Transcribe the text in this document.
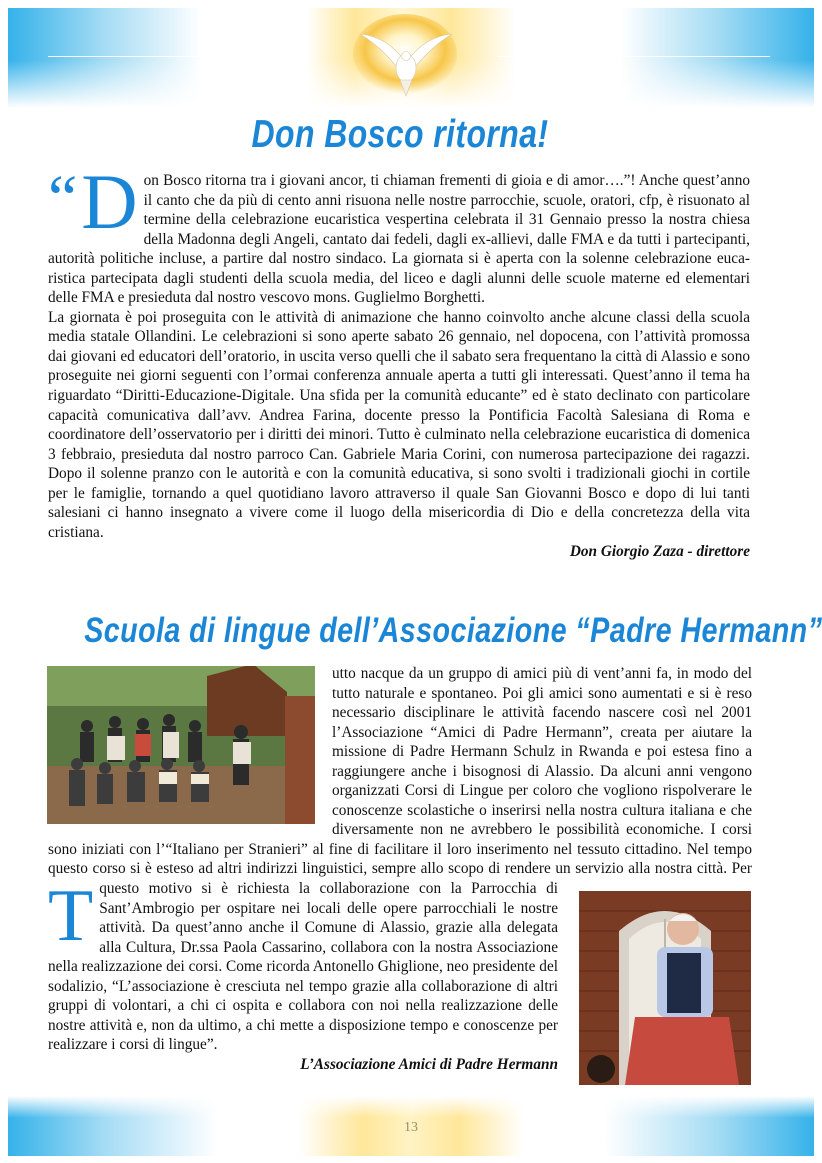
Don Bosco ritorna!

“ D on Bosco ritorna tra i giovani ancor, ti chiaman frementi di gioia e di amor….”! Anche quest’anno il canto che da più di cento anni risuona nelle nostre parrocchie, scuole, oratori, cfp, è risuonato al termine della celebrazione eucaristica vespertina celebrata il 31 Gennaio presso la nostra chiesa della Madonna degli Angeli, cantato dai fedeli, dagli ex-allievi, dalle FMA e da tutti i partecipanti, autorità politiche incluse, a partire dal nostro sindaco. La giornata si è aperta con la solenne celebrazione eucaristica partecipata dagli studenti della scuola media, del liceo e dagli alunni delle scuole materne ed elementari delle FMA e presieduta dal nostro vescovo mons. Guglielmo Borghetti.

La giornata è poi proseguita con le attività di animazione che hanno coinvolto anche alcune classi della scuola media statale Ollandini. Le celebrazioni si sono aperte sabato 26 gennaio, nel dopocena, con l’attività promossa dai giovani ed educatori dell’oratorio, in uscita verso quelli che il sabato sera frequentano la città di Alassio e sono proseguite nei giorni seguenti con l’ormai conferenza annuale aperta a tutti gli interessati. Quest’anno il tema ha riguardato “Diritti-Educazione-Digitale. Una sfida per la comunità educante” ed è stato declinato con particolare capacità comunicativa dall’avv. Andrea Farina, docente presso la Pontificia Facoltà Salesiana di Roma e coordinatore dell’osservatorio per i diritti dei minori. Tutto è culminato nella celebrazione eucaristica di domenica 3 febbraio, presieduta dal nostro parroco Can. Gabriele Maria Corini, con numerosa partecipazione dei ragazzi. Dopo il solenne pranzo con le autorità e con la comunità educativa, si sono svolti i tradizionali giochi in cortile per le famiglie, tornando a quel quotidiano lavoro attraverso il quale San Giovanni Bosco e dopo di lui tanti salesiani ci hanno insegnato a vivere come il luogo della misericordia di Dio e della concretezza della vita cristiana.

Don Giorgio Zaza - direttore

Scuola di lingue dell’Associazione “Padre Hermann”

T
utto nacque da un gruppo di amici più di vent’anni fa, in modo del tutto naturale e spontaneo. Poi gli amici sono aumentati e si è reso necessario disciplinare le attività facendo nascere così nel 2001 l’Associazione “Amici di Padre Hermann”, creata per aiutare la missione di Padre Hermann Schulz in Rwanda e poi estesa fino a raggiungere anche i bisognosi di Alassio. Da alcuni anni vengono organizzati Corsi di Lingue per coloro che vogliono rispolverare le conoscenze scolastiche o inserirsi nella nostra cultura italiana e che diversamente non ne avrebbero le possibilità economiche. I corsi sono iniziati con l’“Italiano per Stranieri” al fine di facilitare il loro inserimento nel tessuto cittadino. Nel tempo questo corso si è esteso ad altri indirizzi linguistici, sempre allo scopo di rendere un servizio alla nostra città. Per questo motivo si è richiesta la collaborazione con la Parrocchia di Sant’Ambrogio per ospitare nei locali delle opere parrocchiali le nostre attività. Da quest’anno anche il Comune di Alassio, grazie alla delegata alla Cultura, Dr.ssa Paola Cassarino, collabora con la nostra Associazione nella realizzazione dei corsi. Come ricorda Antonello Ghiglione, neo presidente del sodalizio, “L’associazione è cresciuta nel tempo grazie alla collaborazione di altri gruppi di volontari, a chi ci ospita e collabora con noi nella realizzazione delle nostre attività e, non da ultimo, a chi mette a disposizione tempo e conoscenze per realizzare i corsi di lingue”.

L’Associazione Amici di Padre Hermann

13
